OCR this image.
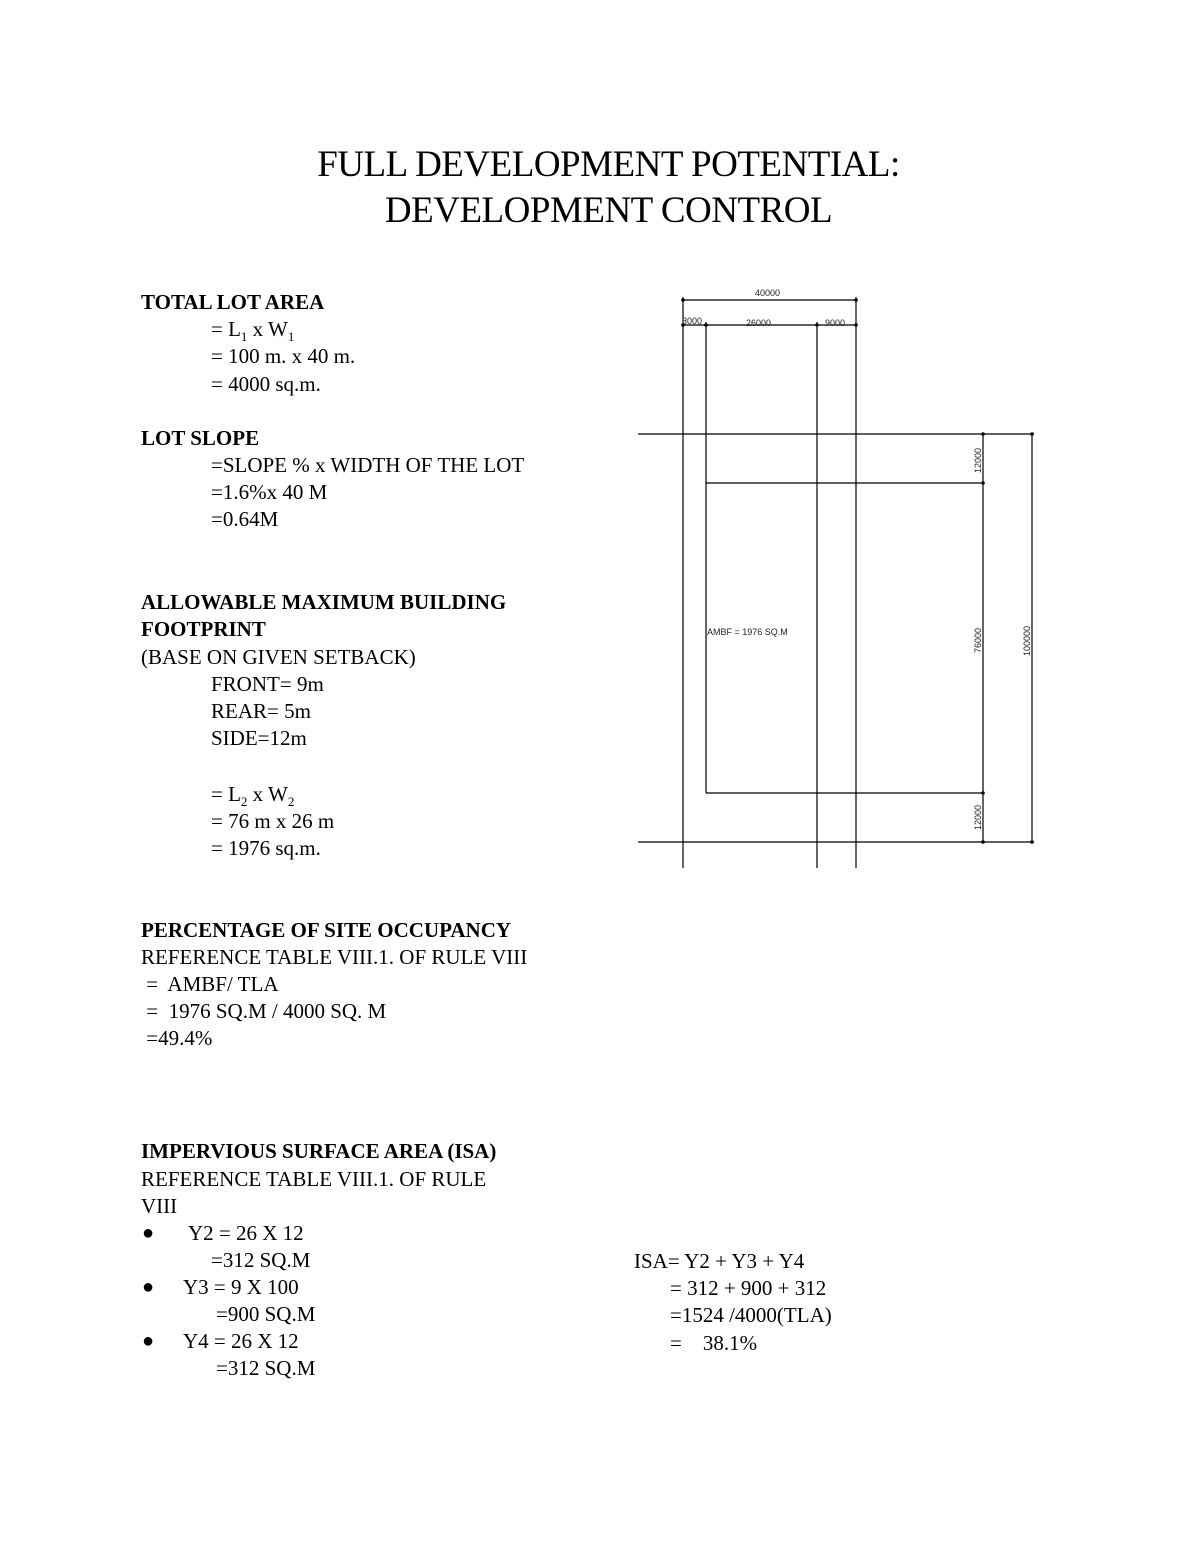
FULL DEVELOPMENT POTENTIAL:
DEVELOPMENT CONTROL
TOTAL LOT AREA
= $L_1$ x $W_1$
= 100 m. x 40 m.
= 4000 sq.m.
LOT SLOPE
=SLOPE % x WIDTH OF THE LOT
=1.6%x 40 M
=0.64M
ALLOWABLE MAXIMUM BUILDING
FOOTPRINT
(BASE ON GIVEN SETBACK)
FRONT= 9m
REAR= 5m
SIDE=12m
= $L_2$ x $W_2$
= 76 m x 26 m
= 1976 sq.m.
40000
3000	26000	9000
AMBF = 1976 SQ.M
12000
76000
12000
100000
PERCENTAGE OF SITE OCCUPANCY
REFERENCE TABLE VIII.1. OF RULE VIII
=  AMBF/ TLA
=  1976 SQ.M / 4000 SQ. M
=49.4%
IMPERVIOUS SURFACE AREA (ISA)
REFERENCE TABLE VIII.1. OF RULE
VIII
● Y2 = 26 X 12
=312 SQ.M
● Y3 = 9 X 100
=900 SQ.M
● Y4 = 26 X 12
=312 SQ.M
ISA= Y2 + Y3 + Y4
= 312 + 900 + 312
=1524 /4000(TLA)
=    38.1%
